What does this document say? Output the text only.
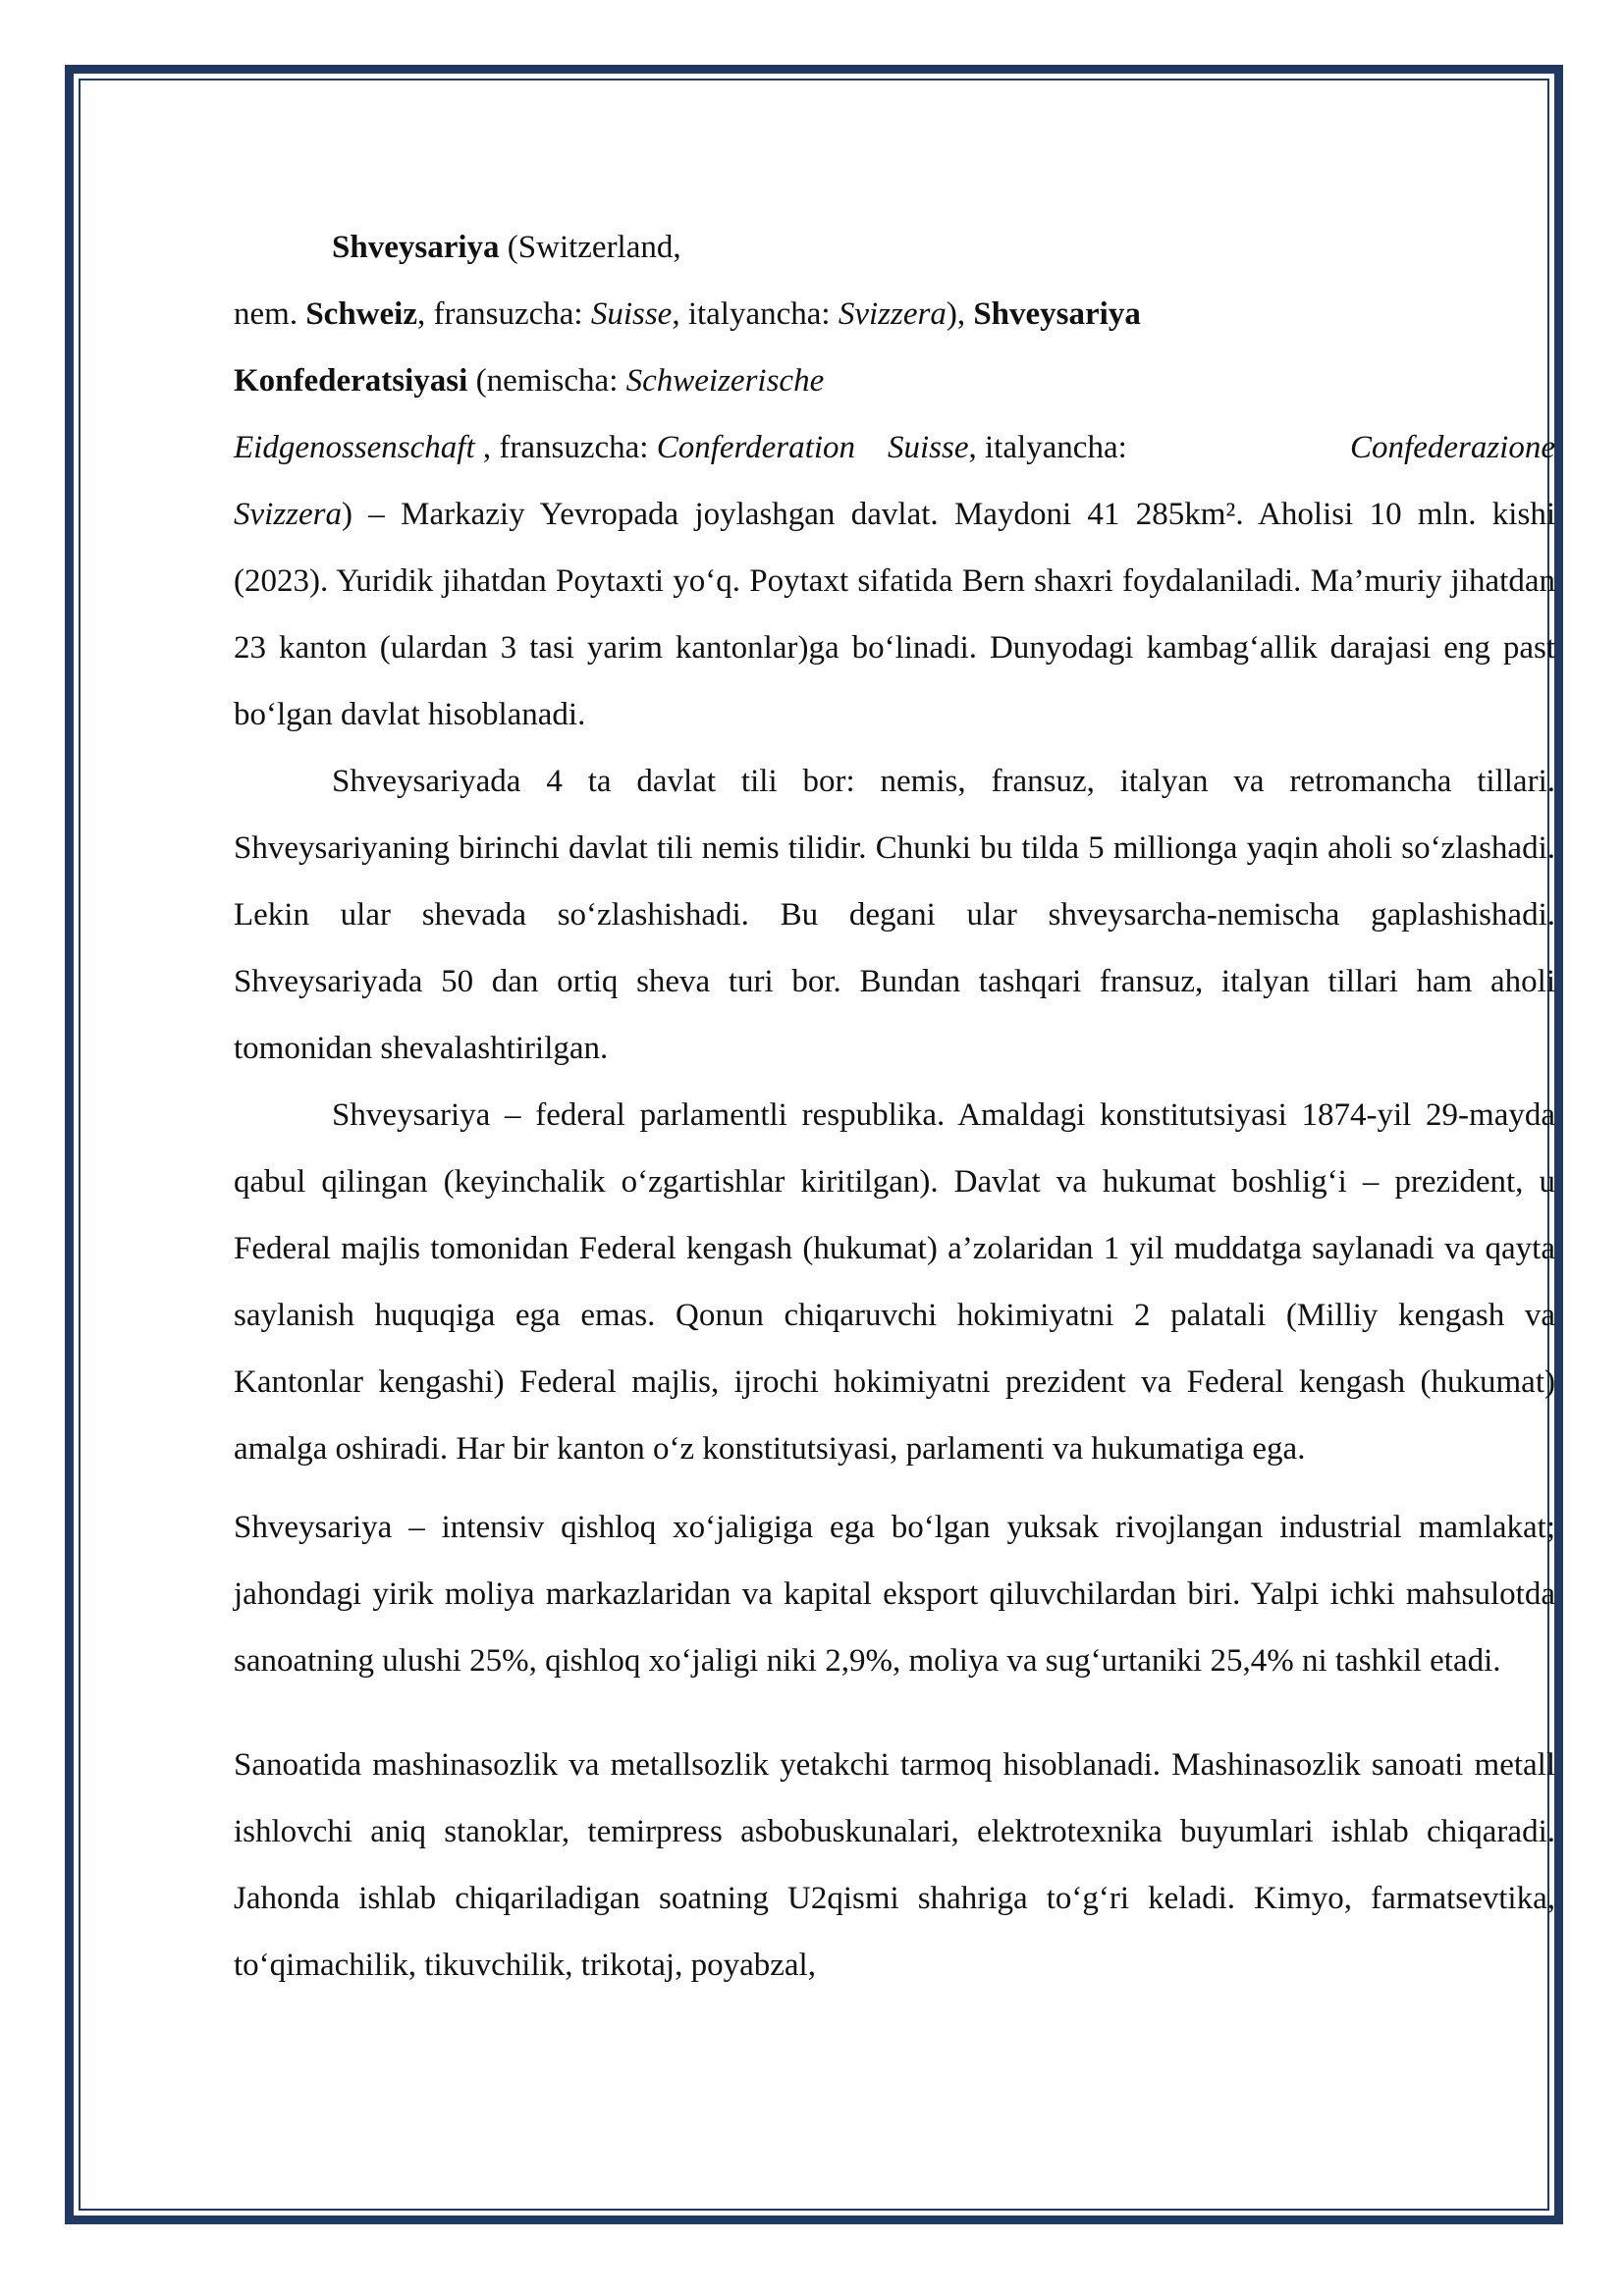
Shveysariya (Switzerland,
nem. Schweiz, fransuzcha: Suisse, italyancha: Svizzera), Shveysariya
Konfederatsiyasi (nemischa: Schweizerische
Eidgenossenschaft , fransuzcha: Conferderation    Suisse, italyancha:	Confederazione
Svizzera) – Markaziy Yevropada joylashgan davlat. Maydoni 41 285km². Aholisi 10 mln. kishi (2023). Yuridik jihatdan Poytaxti yo‘q. Poytaxt sifatida Bern shaxri foydalaniladi. Ma’muriy jihatdan 23 kanton (ulardan 3 tasi yarim kantonlar)ga bo‘linadi. Dunyodagi kambag‘allik darajasi eng past bo‘lgan davlat hisoblanadi.

Shveysariyada 4 ta davlat tili bor: nemis, fransuz, italyan va retromancha tillari. Shveysariyaning birinchi davlat tili nemis tilidir. Chunki bu tilda 5 millionga yaqin aholi so‘zlashadi. Lekin ular shevada so‘zlashishadi. Bu degani ular shveysarcha-nemischa gaplashishadi. Shveysariyada 50 dan ortiq sheva turi bor. Bundan tashqari fransuz, italyan tillari ham aholi tomonidan shevalashtirilgan.

Shveysariya – federal parlamentli respublika. Amaldagi konstitutsiyasi 1874-yil 29-mayda qabul qilingan (keyinchalik o‘zgartishlar kiritilgan). Davlat va hukumat boshlig‘i – prezident, u Federal majlis tomonidan Federal kengash (hukumat) a’zolaridan 1 yil muddatga saylanadi va qayta saylanish huquqiga ega emas. Qonun chiqaruvchi hokimiyatni 2 palatali (Milliy kengash va Kantonlar kengashi) Federal majlis, ijrochi hokimiyatni prezident va Federal kengash (hukumat) amalga oshiradi. Har bir kanton o‘z konstitutsiyasi, parlamenti va hukumatiga ega.

Shveysariya – intensiv qishloq xo‘jaligiga ega bo‘lgan yuksak rivojlangan industrial mamlakat; jahondagi yirik moliya markazlaridan va kapital eksport qiluvchilardan biri. Yalpi ichki mahsulotda sanoatning ulushi 25%, qishloq xo‘jaligi niki 2,9%, moliya va sug‘urtaniki 25,4% ni tashkil etadi.

Sanoatida mashinasozlik va metallsozlik yetakchi tarmoq hisoblanadi. Mashinasozlik sanoati metall ishlovchi aniq stanoklar, temirpress asbobuskunalari, elektrotexnika buyumlari ishlab chiqaradi. Jahonda ishlab chiqariladigan soatning U2qismi shahriga to‘g‘ri keladi. Kimyo, farmatsevtika, to‘qimachilik, tikuvchilik, trikotaj, poyabzal,
